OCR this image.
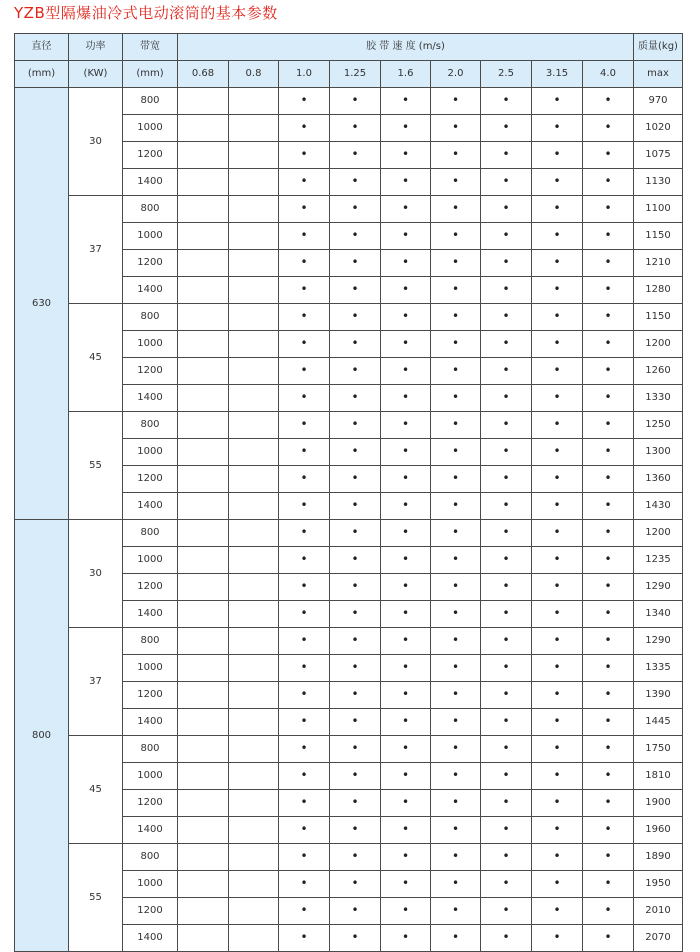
YZB型隔爆油冷式电动滚筒的基本参数
直径	功率	带宽	胶 带 速 度 (m/s)									质量(kg)
(mm)	(KW)	(mm)	0.68	0.8	1.0	1.25	1.6	2.0	2.5	3.15	4.0	max
630	30	800			•	•	•	•	•	•	•	970
		1000			•	•	•	•	•	•	•	1020
		1200			•	•	•	•	•	•	•	1075
		1400			•	•	•	•	•	•	•	1130
	37	800			•	•	•	•	•	•	•	1100
		1000			•	•	•	•	•	•	•	1150
		1200			•	•	•	•	•	•	•	1210
		1400			•	•	•	•	•	•	•	1280
	45	800			•	•	•	•	•	•	•	1150
		1000			•	•	•	•	•	•	•	1200
		1200			•	•	•	•	•	•	•	1260
		1400			•	•	•	•	•	•	•	1330
	55	800			•	•	•	•	•	•	•	1250
		1000			•	•	•	•	•	•	•	1300
		1200			•	•	•	•	•	•	•	1360
		1400			•	•	•	•	•	•	•	1430
800	30	800			•	•	•	•	•	•	•	1200
		1000			•	•	•	•	•	•	•	1235
		1200			•	•	•	•	•	•	•	1290
		1400			•	•	•	•	•	•	•	1340
	37	800			•	•	•	•	•	•	•	1290
		1000			•	•	•	•	•	•	•	1335
		1200			•	•	•	•	•	•	•	1390
		1400			•	•	•	•	•	•	•	1445
	45	800			•	•	•	•	•	•	•	1750
		1000			•	•	•	•	•	•	•	1810
		1200			•	•	•	•	•	•	•	1900
		1400			•	•	•	•	•	•	•	1960
	55	800			•	•	•	•	•	•	•	1890
		1000			•	•	•	•	•	•	•	1950
		1200			•	•	•	•	•	•	•	2010
		1400			•	•	•	•	•	•	•	2070
